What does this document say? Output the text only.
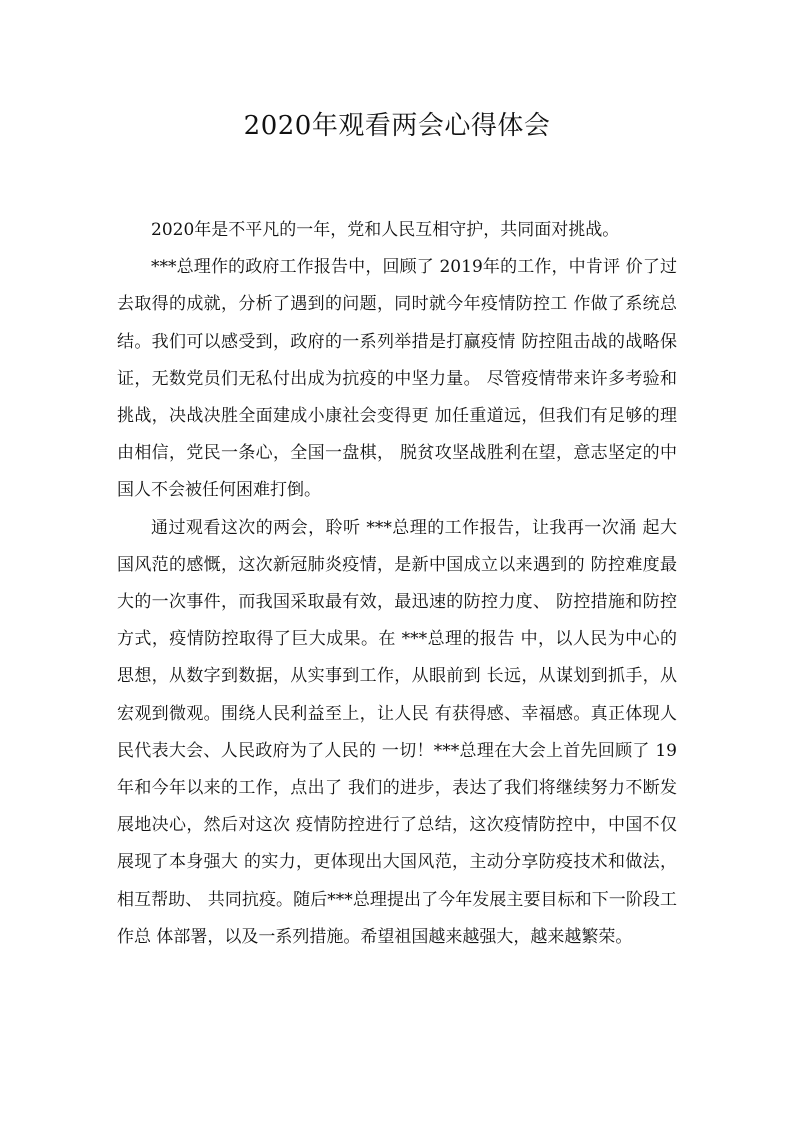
2020年观看两会心得体会

2020年是不平凡的一年，党和人民互相守护，共同面对挑战。

***总理作的政府工作报告中，回顾了 2019年的工作，中肯评 价了过去取得的成就，分析了遇到的问题，同时就今年疫情防控工 作做了系统总结。我们可以感受到，政府的一系列举措是打赢疫情 防控阻击战的战略保证，无数党员们无私付出成为抗疫的中坚力量。 尽管疫情带来许多考验和挑战，决战决胜全面建成小康社会变得更 加任重道远，但我们有足够的理由相信，党民一条心，全国一盘棋， 脱贫攻坚战胜利在望，意志坚定的中国人不会被任何困难打倒。

通过观看这次的两会，聆听 ***总理的工作报告，让我再一次涌 起大国风范的感慨，这次新冠肺炎疫情，是新中国成立以来遇到的 防控难度最大的一次事件，而我国采取最有效，最迅速的防控力度、 防控措施和防控方式，疫情防控取得了巨大成果。在 ***总理的报告 中，以人民为中心的思想，从数字到数据，从实事到工作，从眼前到 长远，从谋划到抓手，从宏观到微观。围绕人民利益至上，让人民 有获得感、幸福感。真正体现人民代表大会、人民政府为了人民的 一切！***总理在大会上首先回顾了 19年和今年以来的工作，点出了 我们的进步，表达了我们将继续努力不断发展地决心，然后对这次 疫情防控进行了总结，这次疫情防控中，中国不仅展现了本身强大 的实力，更体现出大国风范，主动分享防疫技术和做法，相互帮助、 共同抗疫。随后***总理提出了今年发展主要目标和下一阶段工作总 体部署，以及一系列措施。希望祖国越来越强大，越来越繁荣。
